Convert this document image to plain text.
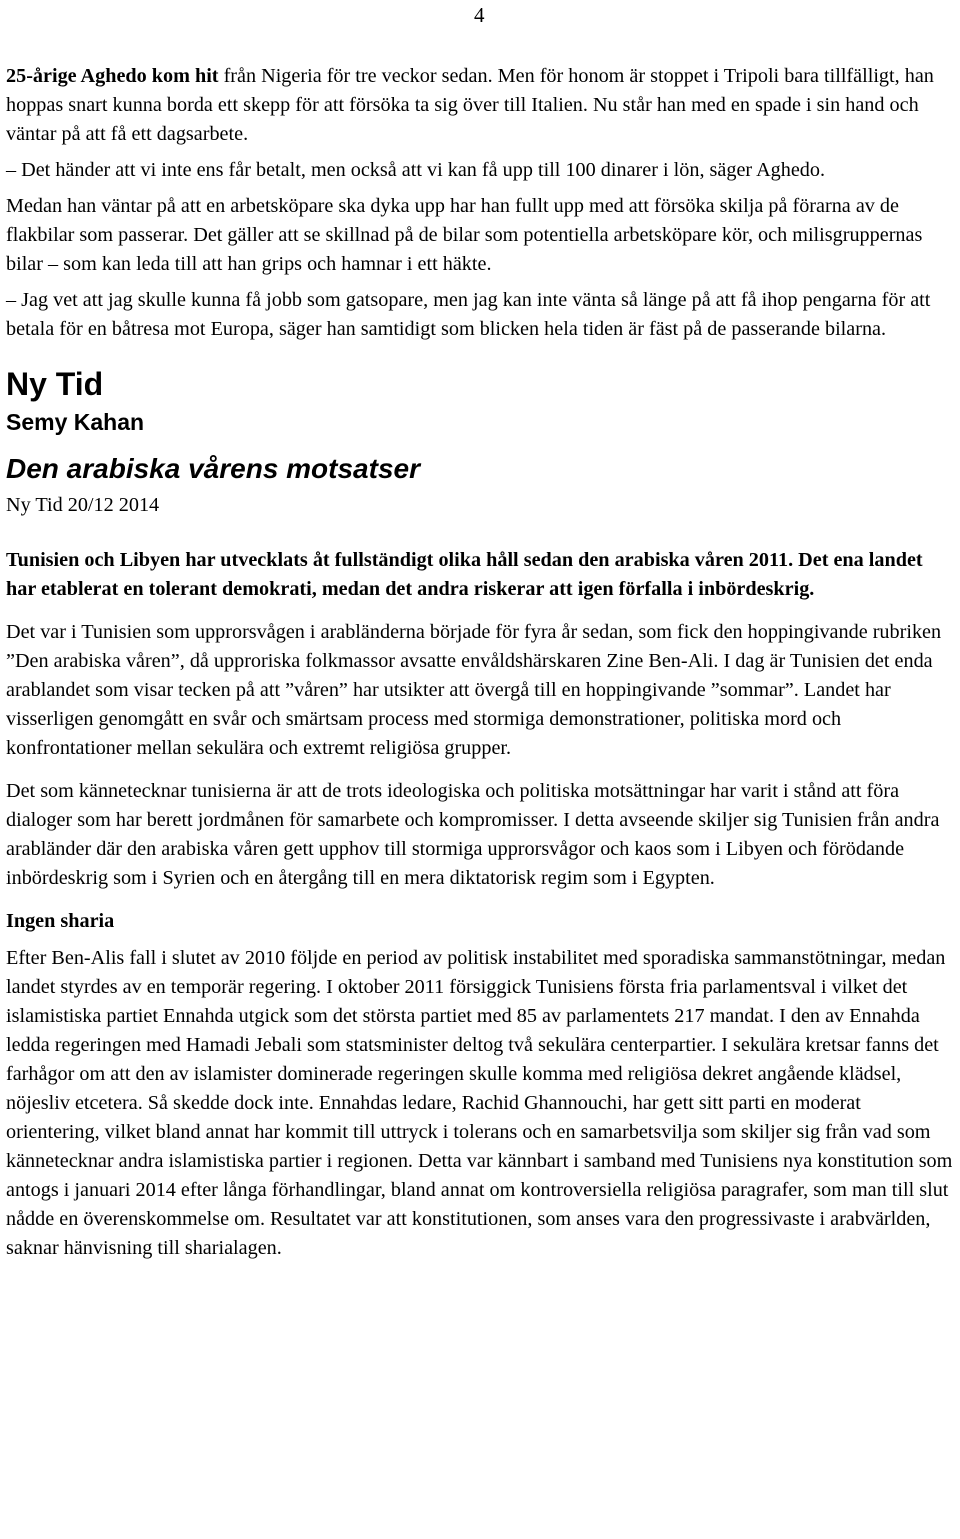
4

25-årige Aghedo kom hit från Nigeria för tre veckor sedan. Men för honom är stoppet i Tripoli bara tillfälligt, han hoppas snart kunna borda ett skepp för att försöka ta sig över till Italien. Nu står han med en spade i sin hand och väntar på att få ett dagsarbete.

– Det händer att vi inte ens får betalt, men också att vi kan få upp till 100 dinarer i lön, säger Aghedo.

Medan han väntar på att en arbetsköpare ska dyka upp har han fullt upp med att försöka skilja på förarna av de flakbilar som passerar. Det gäller att se skillnad på de bilar som potentiella arbetsköpare kör, och milisgruppernas bilar – som kan leda till att han grips och hamnar i ett häkte.

– Jag vet att jag skulle kunna få jobb som gatsopare, men jag kan inte vänta så länge på att få ihop pengarna för att betala för en båtresa mot Europa, säger han samtidigt som blicken hela tiden är fäst på de passerande bilarna.

Ny Tid
Semy Kahan
Den arabiska vårens motsatser
Ny Tid 20/12 2014

Tunisien och Libyen har utvecklats åt fullständigt olika håll sedan den arabiska våren 2011. Det ena landet har etablerat en tolerant demokrati, medan det andra riskerar att igen förfalla i inbördeskrig.

Det var i Tunisien som upprorsvågen i arabländerna började för fyra år sedan, som fick den hoppingivande rubriken ”Den arabiska våren”, då upproriska folkmassor avsatte envåldshärskaren Zine Ben-Ali. I dag är Tunisien det enda arablandet som visar tecken på att ”våren” har utsikter att övergå till en hoppingivande ”sommar”. Landet har visserligen genomgått en svår och smärtsam process med stormiga demonstrationer, politiska mord och konfrontationer mellan sekulära och extremt religiösa grupper.

Det som kännetecknar tunisierna är att de trots ideologiska och politiska motsättningar har varit i stånd att föra dialoger som har berett jordmånen för samarbete och kompromisser. I detta avseende skiljer sig Tunisien från andra arabländer där den arabiska våren gett upphov till stormiga upprorsvågor och kaos som i Libyen och förödande inbördeskrig som i Syrien och en återgång till en mera diktatorisk regim som i Egypten.

Ingen sharia

Efter Ben-Alis fall i slutet av 2010 följde en period av politisk instabilitet med sporadiska sammanstötningar, medan landet styrdes av en temporär regering. I oktober 2011 försiggick Tunisiens första fria parlamentsval i vilket det islamistiska partiet Ennahda utgick som det största partiet med 85 av parlamentets 217 mandat. I den av Ennahda ledda regeringen med Hamadi Jebali som statsminister deltog två sekulära centerpartier. I sekulära kretsar fanns det farhågor om att den av islamister dominerade regeringen skulle komma med religiösa dekret angående klädsel, nöjesliv etcetera. Så skedde dock inte. Ennahdas ledare, Rachid Ghannouchi, har gett sitt parti en moderat orientering, vilket bland annat har kommit till uttryck i tolerans och en samarbetsvilja som skiljer sig från vad som kännetecknar andra islamistiska partier i regionen. Detta var kännbart i samband med Tunisiens nya konstitution som antogs i januari 2014 efter långa förhandlingar, bland annat om kontroversiella religiösa paragrafer, som man till slut nådde en överenskommelse om. Resultatet var att konstitutionen, som anses vara den progressivaste i arabvärlden, saknar hänvisning till sharialagen.
